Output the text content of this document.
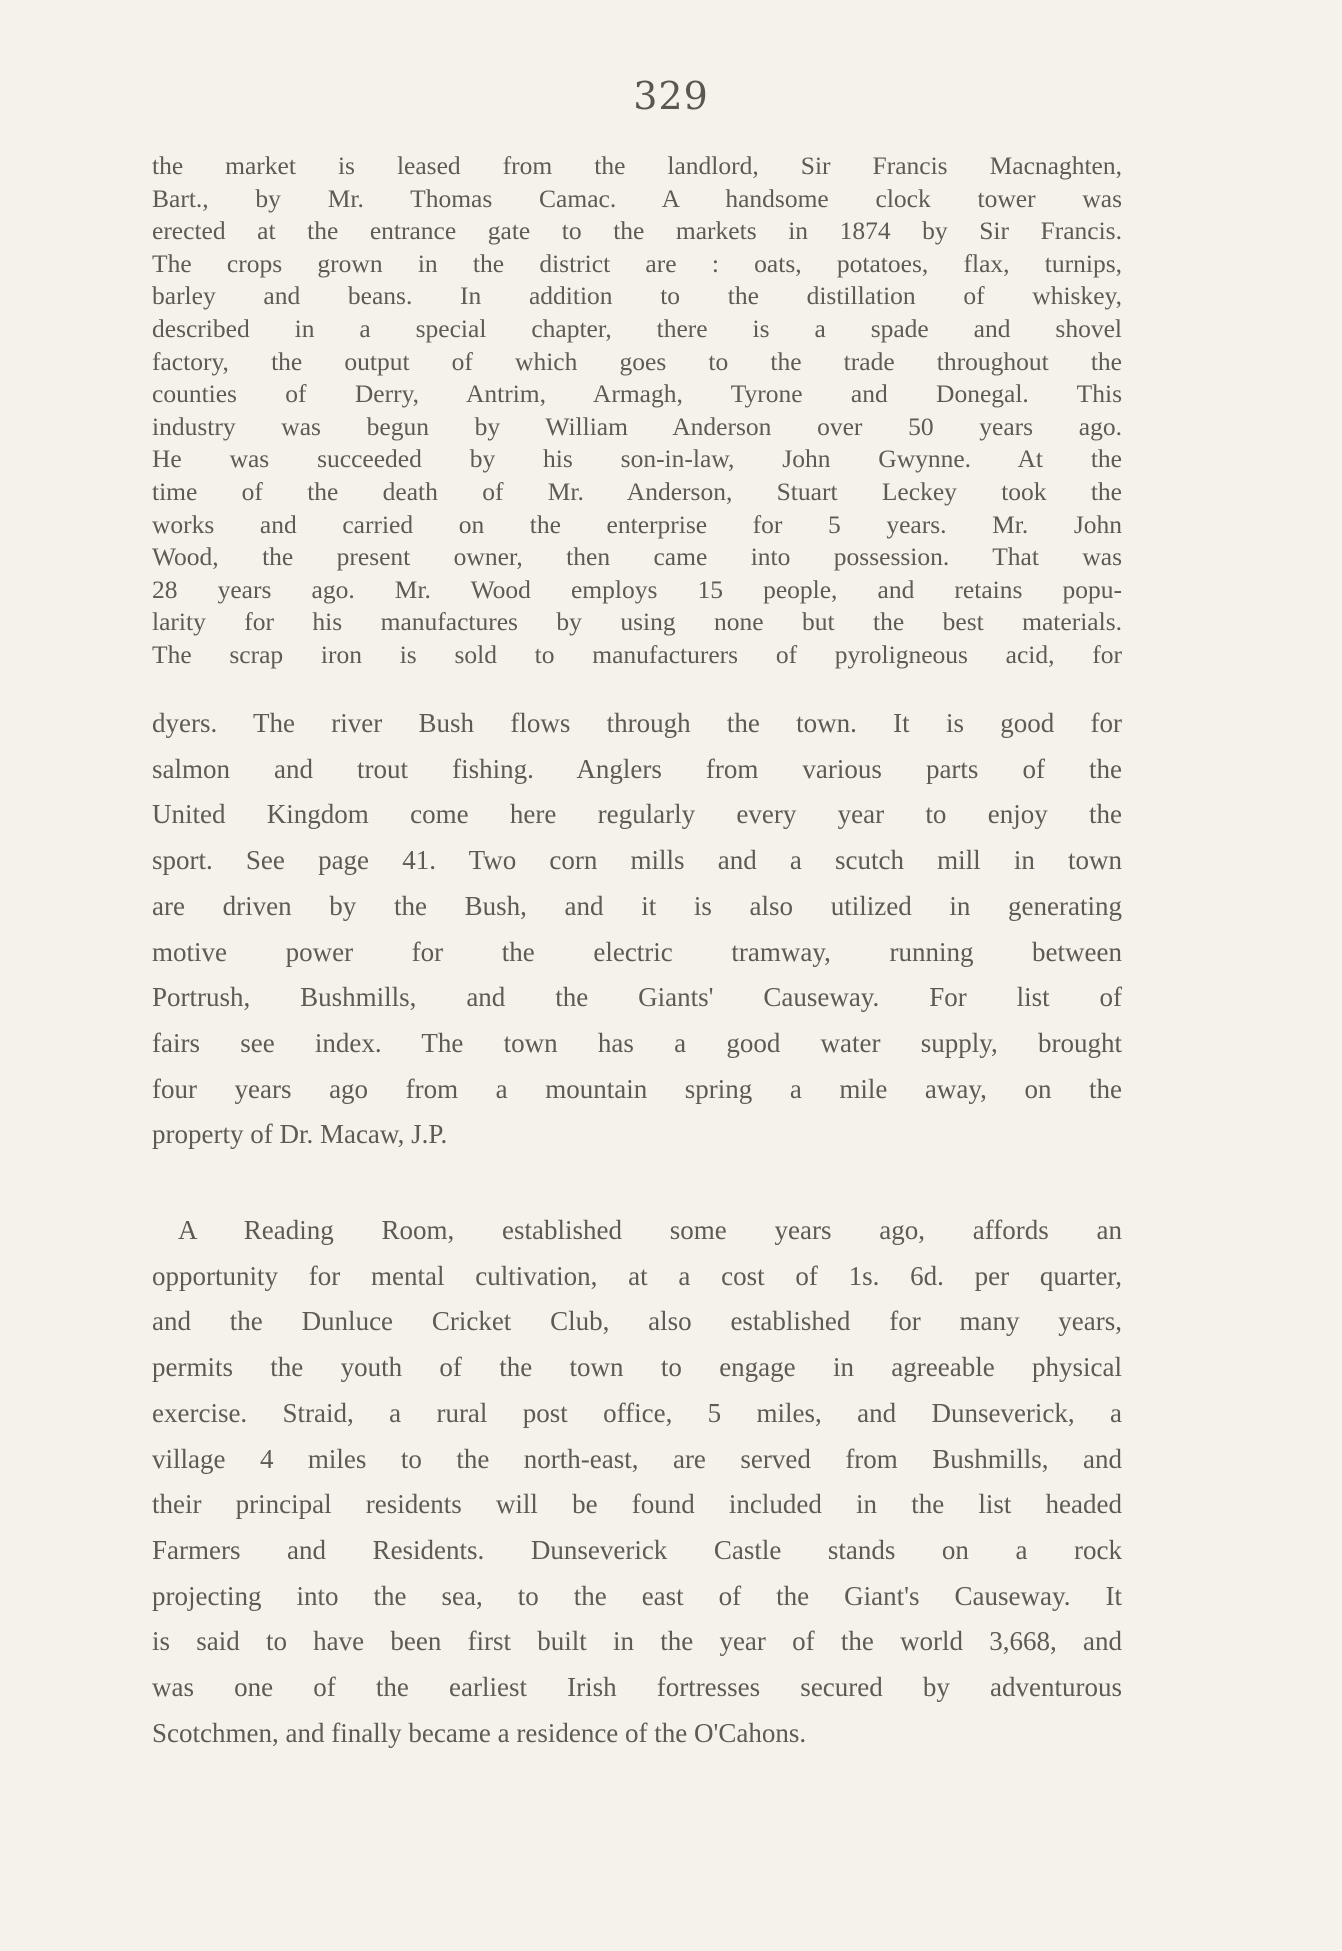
329
the market is leased from the landlord, Sir Francis Macnaghten,
Bart., by Mr. Thomas Camac. A handsome clock tower was
erected at the entrance gate to the markets in 1874 by Sir Francis.
The crops grown in the district are : oats, potatoes, flax, turnips,
barley and beans. In addition to the distillation of whiskey,
described in a special chapter, there is a spade and shovel
factory, the output of which goes to the trade throughout the
counties of Derry, Antrim, Armagh, Tyrone and Donegal. This
industry was begun by William Anderson over 50 years ago.
He was succeeded by his son-in-law, John Gwynne. At the
time of the death of Mr. Anderson, Stuart Leckey took the
works and carried on the enterprise for 5 years. Mr. John
Wood, the present owner, then came into possession. That was
28 years ago. Mr. Wood employs 15 people, and retains popu-
larity for his manufactures by using none but the best materials.
The scrap iron is sold to manufacturers of pyroligneous acid, for
dyers. The river Bush flows through the town. It is good for
salmon and trout fishing. Anglers from various parts of the
United Kingdom come here regularly every year to enjoy the
sport. See page 41. Two corn mills and a scutch mill in town
are driven by the Bush, and it is also utilized in generating
motive power for the electric tramway, running between
Portrush, Bushmills, and the Giants' Causeway. For list of
fairs see index. The town has a good water supply, brought
four years ago from a mountain spring a mile away, on the
property of Dr. Macaw, J.P.
A Reading Room, established some years ago, affords an
opportunity for mental cultivation, at a cost of 1s. 6d. per quarter,
and the Dunluce Cricket Club, also established for many years,
permits the youth of the town to engage in agreeable physical
exercise. Straid, a rural post office, 5 miles, and Dunseverick, a
village 4 miles to the north-east, are served from Bushmills, and
their principal residents will be found included in the list headed
Farmers and Residents. Dunseverick Castle stands on a rock
projecting into the sea, to the east of the Giant's Causeway. It
is said to have been first built in the year of the world 3,668, and
was one of the earliest Irish fortresses secured by adventurous
Scotchmen, and finally became a residence of the O'Cahons.
